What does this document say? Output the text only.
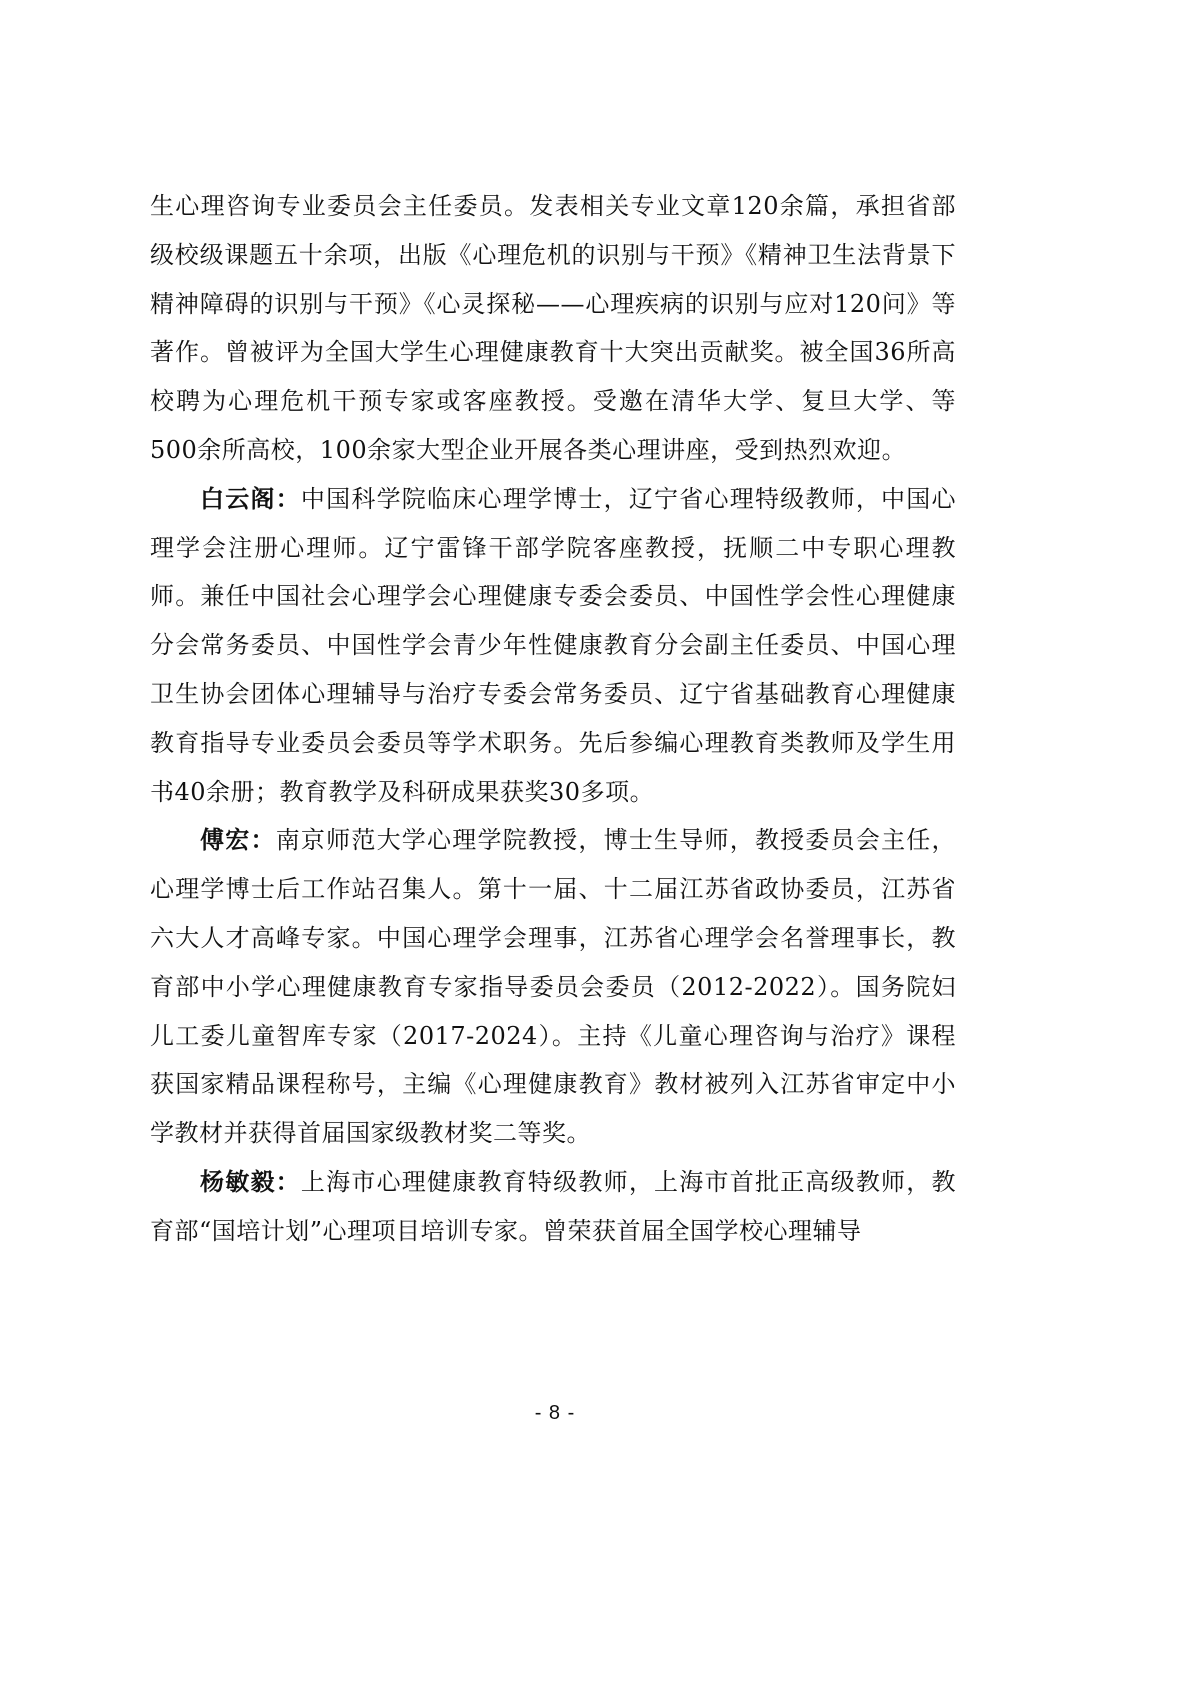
生心理咨询专业委员会主任委员。发表相关专业文章120余篇，承担省部级校级课题五十余项，出版《心理危机的识别与干预》《精神卫生法背景下精神障碍的识别与干预》《心灵探秘——心理疾病的识别与应对120问》等著作。曾被评为全国大学生心理健康教育十大突出贡献奖。被全国36所高校聘为心理危机干预专家或客座教授。受邀在清华大学、复旦大学、等500余所高校，100余家大型企业开展各类心理讲座，受到热烈欢迎。

白云阁：中国科学院临床心理学博士，辽宁省心理特级教师，中国心理学会注册心理师。辽宁雷锋干部学院客座教授，抚顺二中专职心理教师。兼任中国社会心理学会心理健康专委会委员、中国性学会性心理健康分会常务委员、中国性学会青少年性健康教育分会副主任委员、中国心理卫生协会团体心理辅导与治疗专委会常务委员、辽宁省基础教育心理健康教育指导专业委员会委员等学术职务。先后参编心理教育类教师及学生用书40余册；教育教学及科研成果获奖30多项。

傅宏：南京师范大学心理学院教授，博士生导师，教授委员会主任，心理学博士后工作站召集人。第十一届、十二届江苏省政协委员，江苏省六大人才高峰专家。中国心理学会理事，江苏省心理学会名誉理事长，教育部中小学心理健康教育专家指导委员会委员（2012-2022）。国务院妇儿工委儿童智库专家（2017-2024）。主持《儿童心理咨询与治疗》课程获国家精品课程称号，主编《心理健康教育》教材被列入江苏省审定中小学教材并获得首届国家级教材奖二等奖。

杨敏毅：上海市心理健康教育特级教师，上海市首批正高级教师，教育部“国培计划”心理项目培训专家。曾荣获首届全国学校心理辅导

- 8 -
